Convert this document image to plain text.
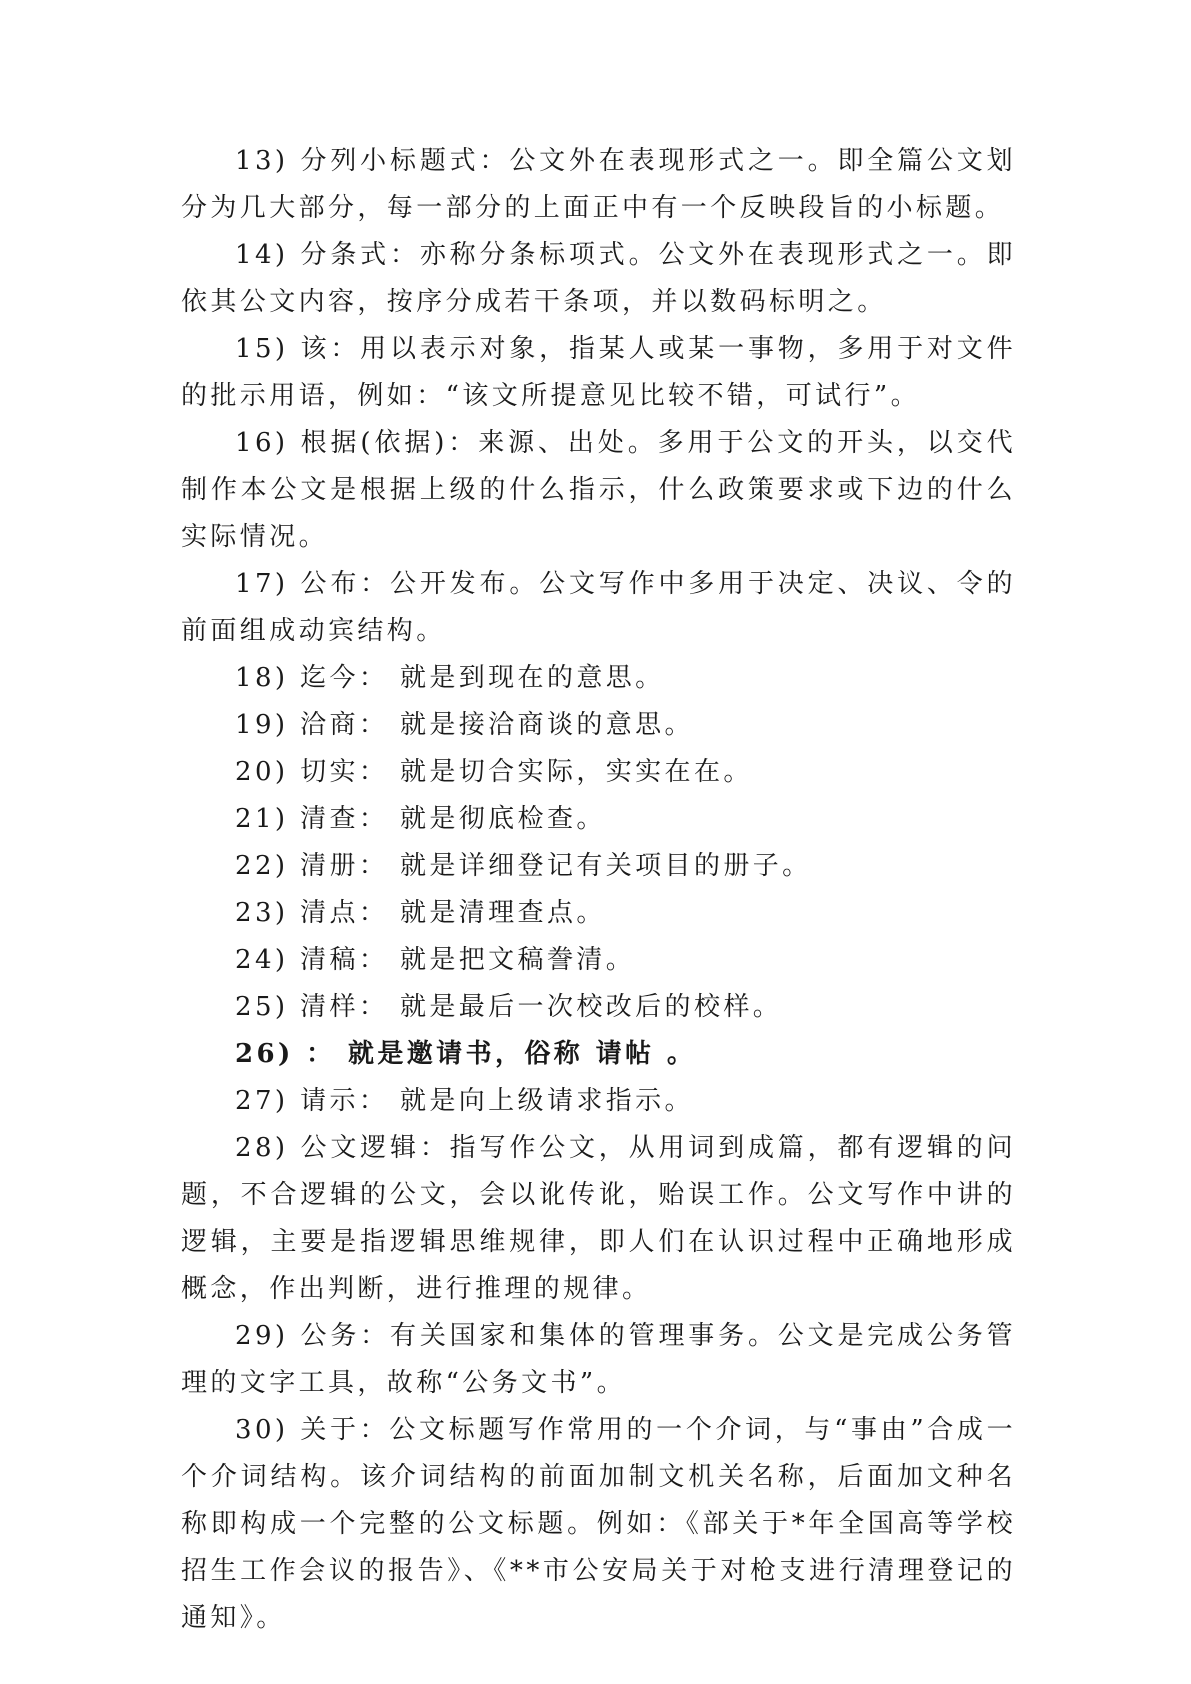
13) 分列小标题式：公文外在表现形式之一。即全篇公文划分为几大部分，每一部分的上面正中有一个反映段旨的小标题。

14) 分条式：亦称分条标项式。公文外在表现形式之一。即依其公文内容，按序分成若干条项，并以数码标明之。

15) 该：用以表示对象，指某人或某一事物，多用于对文件的批示用语，例如：“该文所提意见比较不错，可试行”。

16) 根据(依据)：来源、出处。多用于公文的开头，以交代制作本公文是根据上级的什么指示，什么政策要求或下边的什么实际情况。

17) 公布：公开发布。公文写作中多用于决定、决议、令的前面组成动宾结构。

18) 迄今： 就是到现在的意思。

19) 洽商： 就是接洽商谈的意思。

20) 切实： 就是切合实际，实实在在。

21) 清查： 就是彻底检查。

22) 清册： 就是详细登记有关项目的册子。

23) 清点： 就是清理查点。

24) 清稿： 就是把文稿誊清。

25) 清样： 就是最后一次校改后的校样。

26) ： 就是邀请书，俗称 请帖 。

27) 请示： 就是向上级请求指示。

28) 公文逻辑：指写作公文，从用词到成篇，都有逻辑的问题，不合逻辑的公文，会以讹传讹，贻误工作。公文写作中讲的逻辑，主要是指逻辑思维规律，即人们在认识过程中正确地形成概念，作出判断，进行推理的规律。

29) 公务：有关国家和集体的管理事务。公文是完成公务管理的文字工具，故称“公务文书”。

30) 关于：公文标题写作常用的一个介词，与“事由”合成一个介词结构。该介词结构的前面加制文机关名称，后面加文种名称即构成一个完整的公文标题。例如：《部关于*年全国高等学校招生工作会议的报告》、《**市公安局关于对枪支进行清理登记的通知》。
